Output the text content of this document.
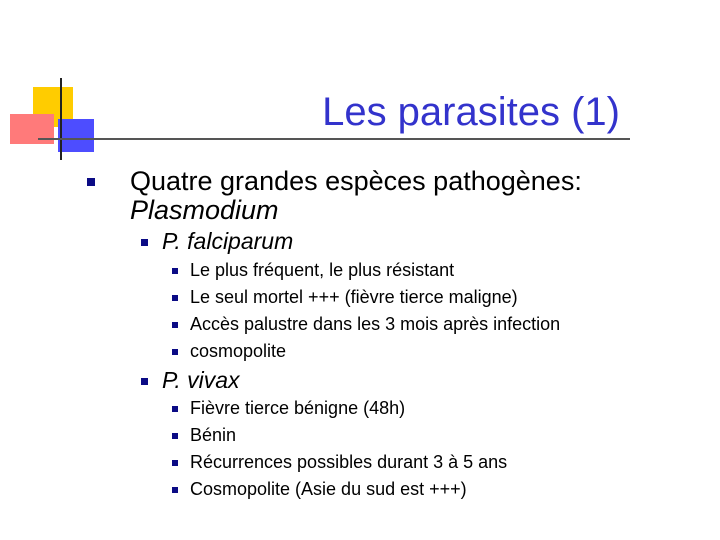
Les parasites (1)
Quatre grandes espèces pathogènes:
Plasmodium
P. falciparum
Le plus fréquent, le plus résistant
Le seul mortel +++ (fièvre tierce maligne)
Accès palustre dans les 3 mois après infection
cosmopolite
P. vivax
Fièvre tierce bénigne (48h)
Bénin
Récurrences possibles durant 3 à 5 ans
Cosmopolite (Asie du sud est +++)
